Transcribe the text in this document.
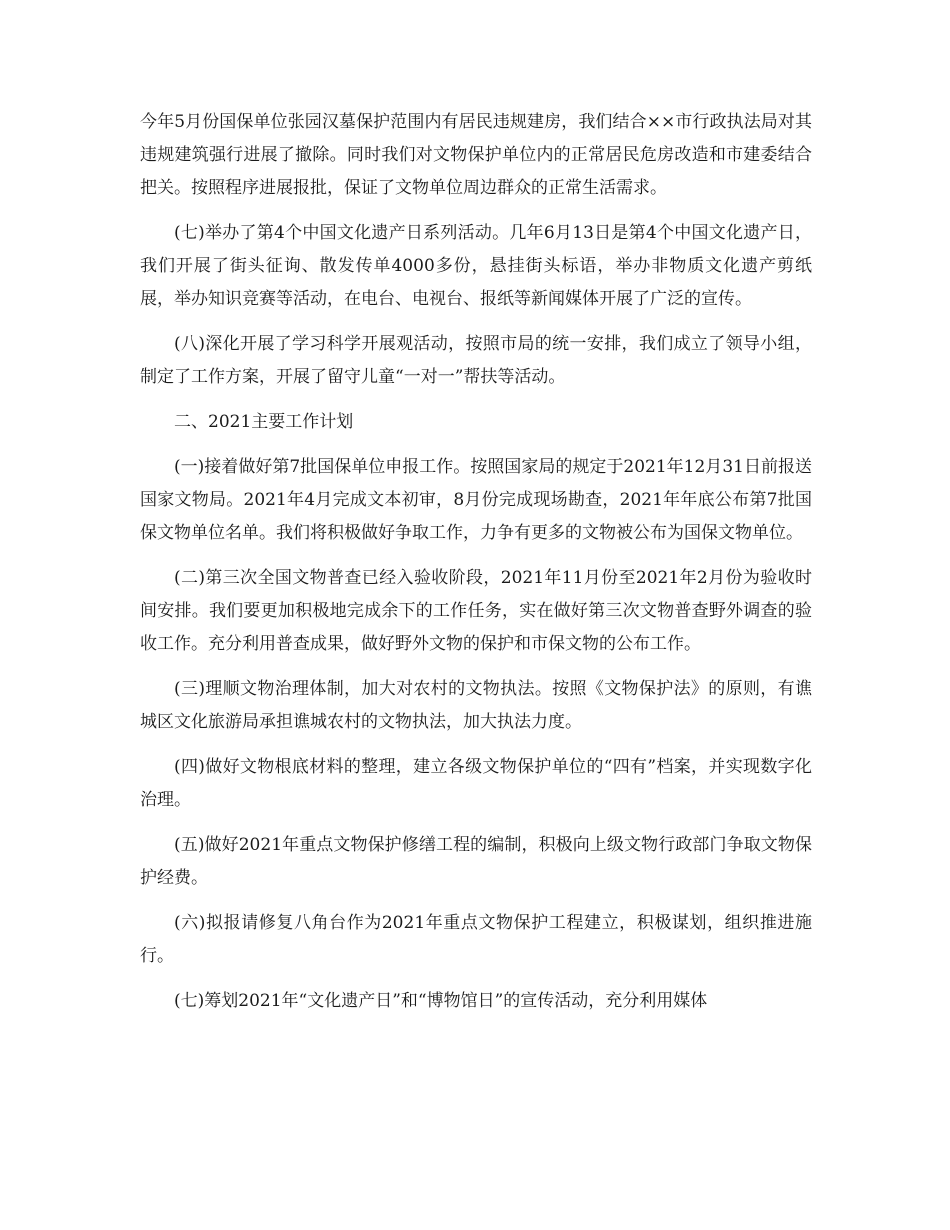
今年5月份国保单位张园汉墓保护范围内有居民违规建房，我们结合××市行政执法局对其违规建筑强行进展了撤除。同时我们对文物保护单位内的正常居民危房改造和市建委结合把关。按照程序进展报批，保证了文物单位周边群众的正常生活需求。

(七)举办了第4个中国文化遗产日系列活动。几年6月13日是第4个中国文化遗产日，我们开展了街头征询、散发传单4000多份，悬挂街头标语，举办非物质文化遗产剪纸展，举办知识竞赛等活动，在电台、电视台、报纸等新闻媒体开展了广泛的宣传。

(八)深化开展了学习科学开展观活动，按照市局的统一安排，我们成立了领导小组，制定了工作方案，开展了留守儿童“一对一”帮扶等活动。

二、2021主要工作计划

(一)接着做好第7批国保单位申报工作。按照国家局的规定于2021年12月31日前报送国家文物局。2021年4月完成文本初审，8月份完成现场勘查，2021年年底公布第7批国保文物单位名单。我们将积极做好争取工作，力争有更多的文物被公布为国保文物单位。

(二)第三次全国文物普查已经入验收阶段，2021年11月份至2021年2月份为验收时间安排。我们要更加积极地完成余下的工作任务，实在做好第三次文物普查野外调查的验收工作。充分利用普查成果，做好野外文物的保护和市保文物的公布工作。

(三)理顺文物治理体制，加大对农村的文物执法。按照《文物保护法》的原则，有谯城区文化旅游局承担谯城农村的文物执法，加大执法力度。

(四)做好文物根底材料的整理，建立各级文物保护单位的“四有”档案，并实现数字化治理。

(五)做好2021年重点文物保护修缮工程的编制，积极向上级文物行政部门争取文物保护经费。

(六)拟报请修复八角台作为2021年重点文物保护工程建立，积极谋划，组织推进施行。

(七)筹划2021年“文化遗产日”和“博物馆日”的宣传活动，充分利用媒体
